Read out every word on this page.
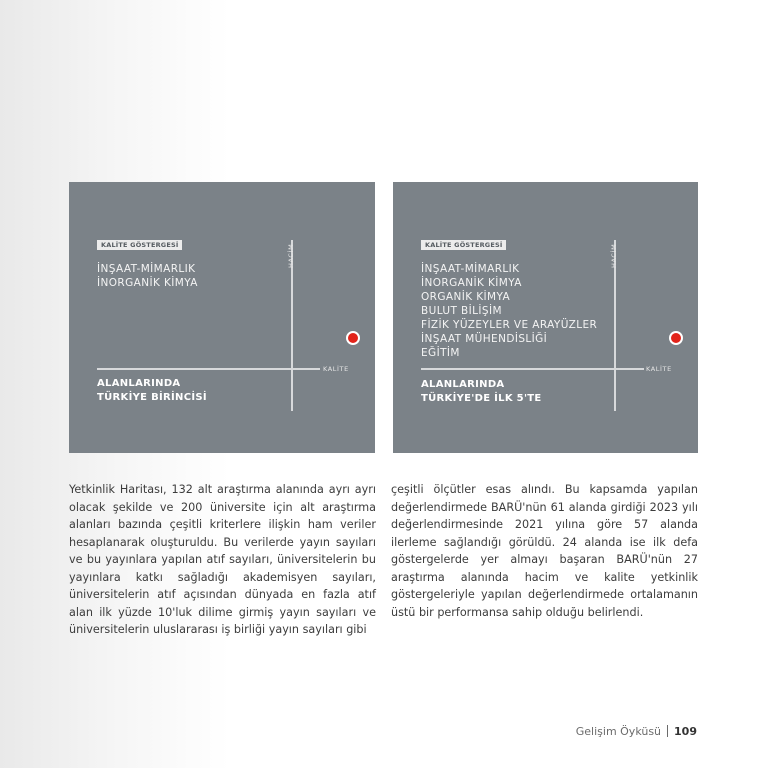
KALİTE GÖSTERGESİ
İNŞAAT-MİMARLIK
İNORGANİK KİMYA
HACİM
KALİTE
ALANLARINDA
TÜRKİYE BİRİNCİSİ
KALİTE GÖSTERGESİ
İNŞAAT-MİMARLIK
İNORGANİK KİMYA
ORGANİK KİMYA
BULUT BİLİŞİM
FİZİK YÜZEYLER VE ARAYÜZLER
İNŞAAT MÜHENDİSLİĞİ
EĞİTİM
HACİM
KALİTE
ALANLARINDA
TÜRKİYE'DE İLK 5'TE
Yetkinlik Haritası, 132 alt araştırma alanında ayrı ayrı olacak şekilde ve 200 üniversite için alt araştırma alanları bazında çeşitli kriterlere ilişkin ham veriler hesaplanarak oluşturuldu. Bu verilerde yayın sayıları ve bu yayınlara yapılan atıf sayıları, üniversitelerin bu yayınlara katkı sağladığı akademisyen sayıları, üniversitelerin atıf açısından dünyada en fazla atıf alan ilk yüzde 10'luk dilime girmiş yayın sayıları ve üniversitelerin uluslararası iş birliği yayın sayıları gibi
çeşitli ölçütler esas alındı. Bu kapsamda yapılan değerlendirmede BARÜ'nün 61 alanda girdiği 2023 yılı değerlendirmesinde 2021 yılına göre 57 alanda ilerleme sağlandığı görüldü. 24 alanda ise ilk defa göstergelerde yer almayı başaran BARÜ'nün 27 araştırma alanında hacim ve kalite yetkinlik göstergeleriyle yapılan değerlendirmede ortalamanın üstü bir performansa sahip olduğu belirlendi.
Gelişim Öyküsü 109
